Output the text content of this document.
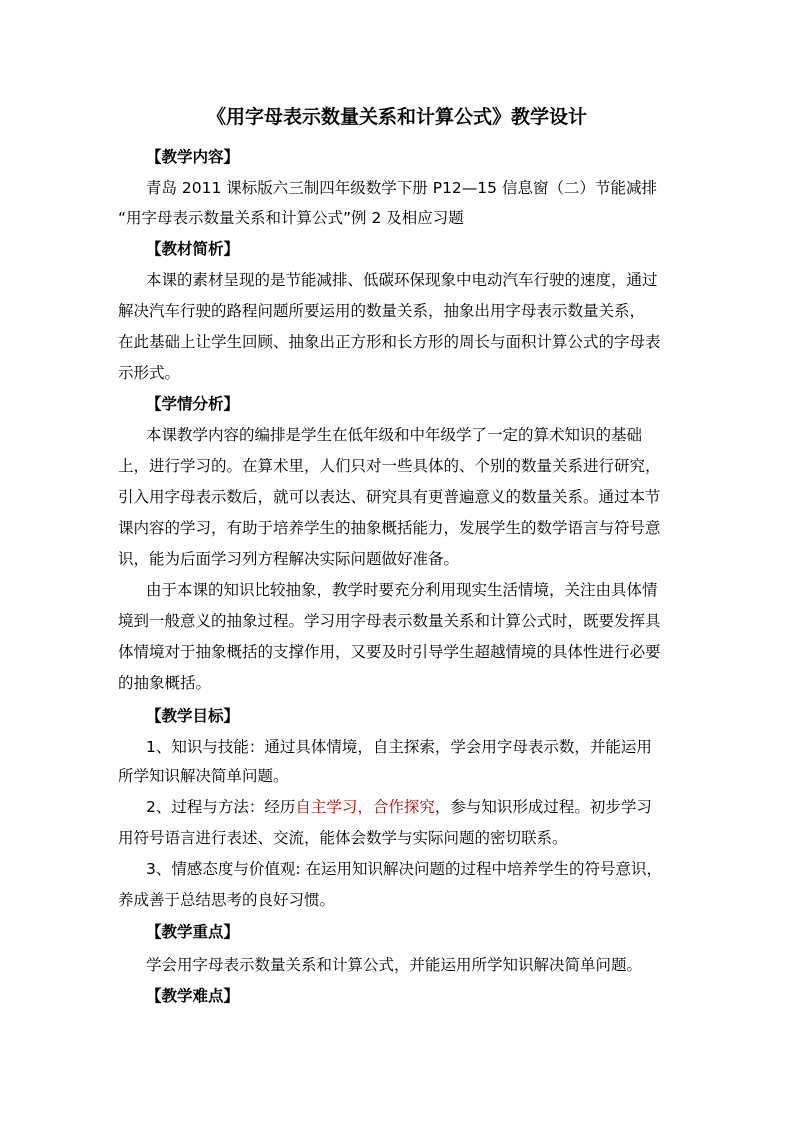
《用字母表示数量关系和计算公式》教学设计
【教学内容】
青岛 2011 课标版六三制四年级数学下册 P12—15 信息窗（二）节能减排
“用字母表示数量关系和计算公式”例 2 及相应习题
【教材简析】
本课的素材呈现的是节能减排、低碳环保现象中电动汽车行驶的速度，通过
解决汽车行驶的路程问题所要运用的数量关系，抽象出用字母表示数量关系，
在此基础上让学生回顾、抽象出正方形和长方形的周长与面积计算公式的字母表
示形式。
【学情分析】
本课教学内容的编排是学生在低年级和中年级学了一定的算术知识的基础
上，进行学习的。在算术里，人们只对一些具体的、个别的数量关系进行研究，
引入用字母表示数后，就可以表达、研究具有更普遍意义的数量关系。通过本节
课内容的学习，有助于培养学生的抽象概括能力，发展学生的数学语言与符号意
识，能为后面学习列方程解决实际问题做好准备。
由于本课的知识比较抽象，教学时要充分利用现实生活情境，关注由具体情
境到一般意义的抽象过程。学习用字母表示数量关系和计算公式时，既要发挥具
体情境对于抽象概括的支撑作用，又要及时引导学生超越情境的具体性进行必要
的抽象概括。
【教学目标】
1、知识与技能：通过具体情境，自主探索，学会用字母表示数，并能运用
所学知识解决简单问题。
2、过程与方法：经历自主学习，合作探究，参与知识形成过程。初步学习
用符号语言进行表述、交流，能体会数学与实际问题的密切联系。
3、情感态度与价值观: 在运用知识解决问题的过程中培养学生的符号意识，
养成善于总结思考的良好习惯。
【教学重点】
学会用字母表示数量关系和计算公式，并能运用所学知识解决简单问题。
【教学难点】
